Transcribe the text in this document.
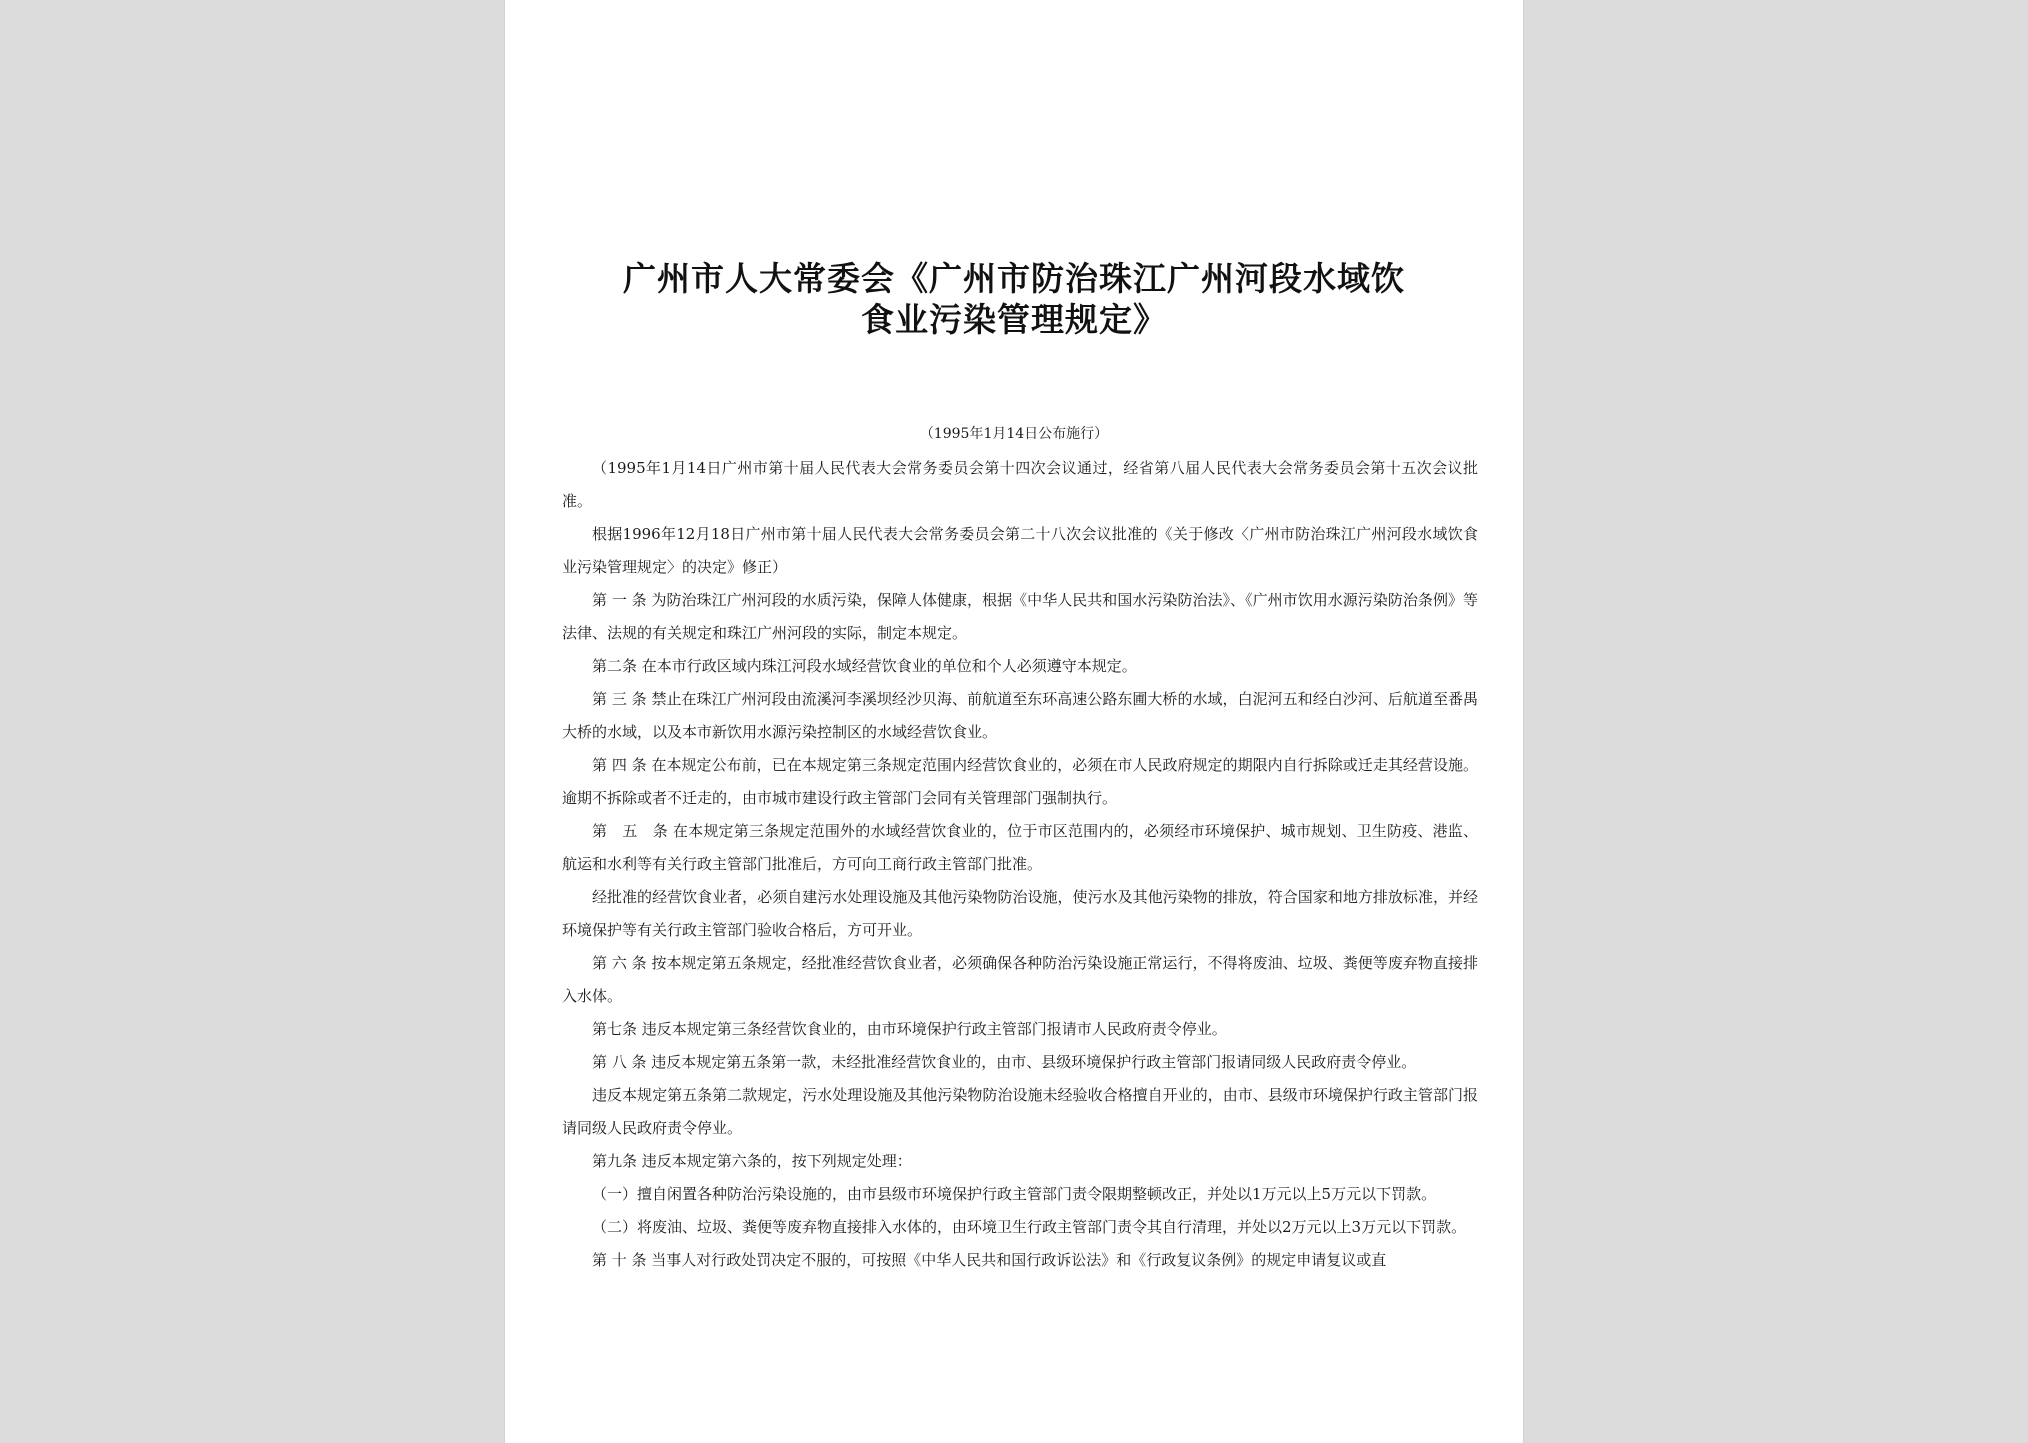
广州市人大常委会《广州市防治珠江广州河段水域饮
食业污染管理规定》
（1995年1月14日公布施行）

（1995年1月14日广州市第十届人民代表大会常务委员会第十四次会议通过，经省第八届人民代表大会常务委员会第十五次会议批准。

根据1996年12月18日广州市第十届人民代表大会常务委员会第二十八次会议批准的《关于修改〈广州市防治珠江广州河段水域饮食业污染管理规定〉的决定》修正）

第 一 条 为防治珠江广州河段的水质污染，保障人体健康，根据《中华人民共和国水污染防治法》、《广州市饮用水源污染防治条例》等法律、法规的有关规定和珠江广州河段的实际，制定本规定。

第二条 在本市行政区域内珠江河段水域经营饮食业的单位和个人必须遵守本规定。

第 三 条 禁止在珠江广州河段由流溪河李溪坝经沙贝海、前航道至东环高速公路东圃大桥的水域，白泥河五和经白沙河、后航道至番禺大桥的水域，以及本市新饮用水源污染控制区的水域经营饮食业。

第 四 条 在本规定公布前，已在本规定第三条规定范围内经营饮食业的，必须在市人民政府规定的期限内自行拆除或迁走其经营设施。逾期不拆除或者不迁走的，由市城市建设行政主管部门会同有关管理部门强制执行。

第　五　条 在本规定第三条规定范围外的水域经营饮食业的，位于市区范围内的，必须经市环境保护、城市规划、卫生防疫、港监、航运和水利等有关行政主管部门批准后，方可向工商行政主管部门批准。

经批准的经营饮食业者，必须自建污水处理设施及其他污染物防治设施，使污水及其他污染物的排放，符合国家和地方排放标准，并经环境保护等有关行政主管部门验收合格后，方可开业。

第 六 条 按本规定第五条规定，经批准经营饮食业者，必须确保各种防治污染设施正常运行，不得将废油、垃圾、粪便等废弃物直接排入水体。

第七条 违反本规定第三条经营饮食业的，由市环境保护行政主管部门报请市人民政府责令停业。

第 八 条 违反本规定第五条第一款，未经批准经营饮食业的，由市、县级环境保护行政主管部门报请同级人民政府责令停业。

违反本规定第五条第二款规定，污水处理设施及其他污染物防治设施未经验收合格擅自开业的，由市、县级市环境保护行政主管部门报请同级人民政府责令停业。

第九条 违反本规定第六条的，按下列规定处理：

（一）擅自闲置各种防治污染设施的，由市县级市环境保护行政主管部门责令限期整顿改正，并处以1万元以上5万元以下罚款。

（二）将废油、垃圾、粪便等废弃物直接排入水体的，由环境卫生行政主管部门责令其自行清理，并处以2万元以上3万元以下罚款。

第 十 条 当事人对行政处罚决定不服的，可按照《中华人民共和国行政诉讼法》和《行政复议条例》的规定申请复议或直
